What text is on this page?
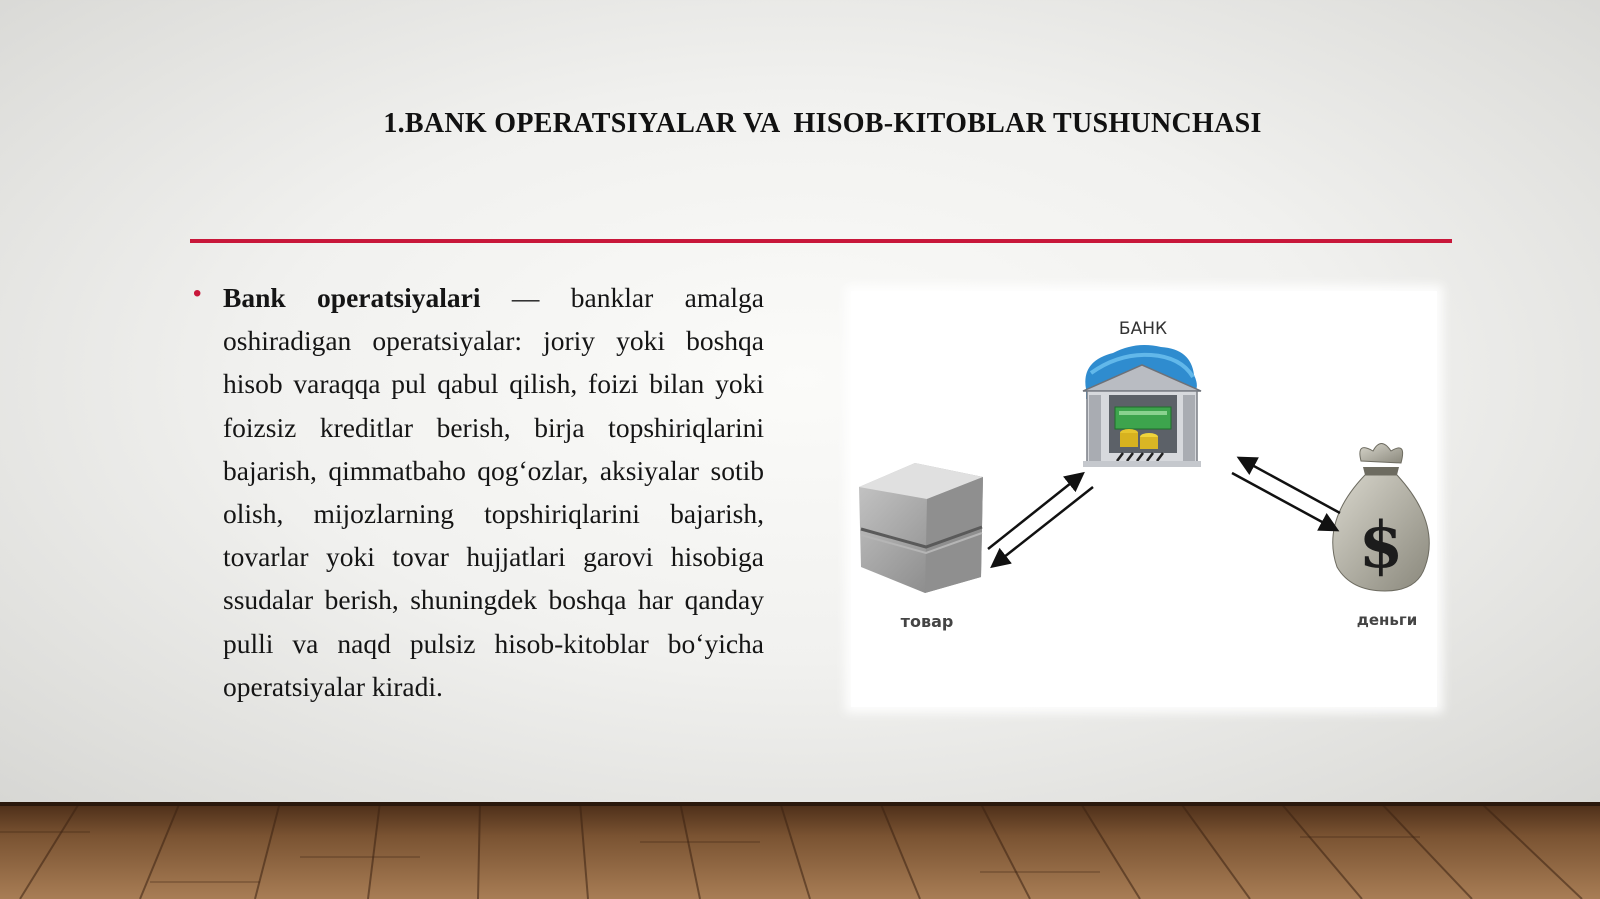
1.BANK OPERATSIYALAR VA  HISOB-KITOBLAR TUSHUNCHASI
• Bank operatsiyalari — banklar amalga oshiradigan operatsiyalar: joriy yoki boshqa hisob varaqqa pul qabul qilish, foizi bilan yoki foizsiz kreditlar berish, birja topshiriqlarini bajarish, qimmatbaho qog‘ozlar, aksiyalar sotib olish, mijozlarning topshiriqlarini bajarish, tovarlar yoki tovar hujjatlari garovi hisobiga ssudalar berish, shuningdek boshqa har qanday pulli va naqd pulsiz hisob-kitoblar bo‘yicha operatsiyalar kiradi.
БАНК
товар
$
деньги
